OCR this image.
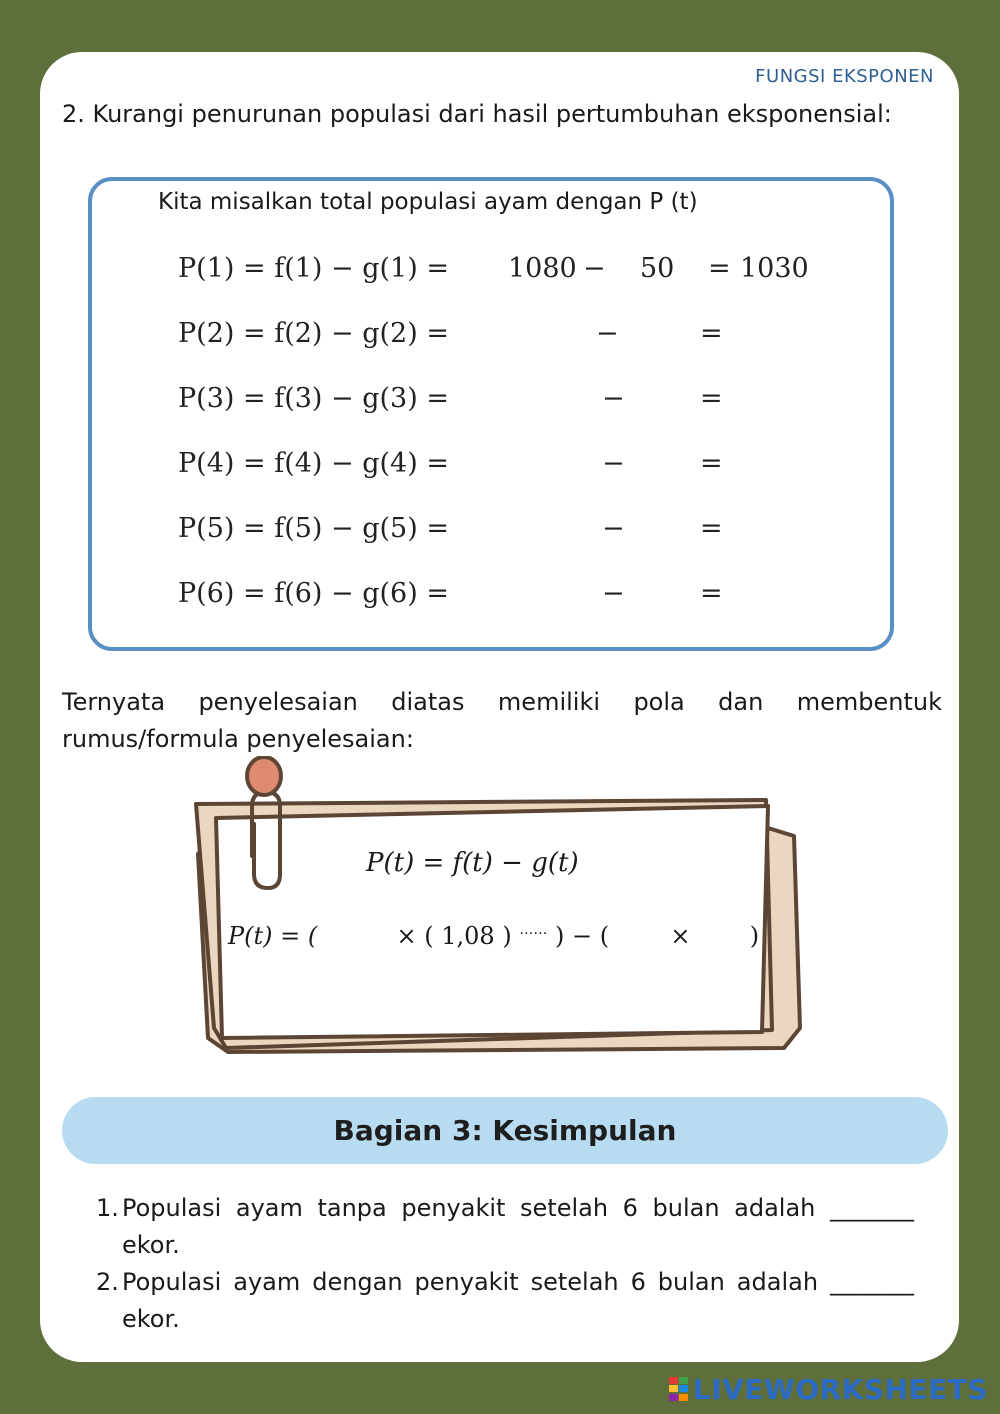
FUNGSI EKSPONEN
2. Kurangi penurunan populasi dari hasil pertumbuhan eksponensial:
Kita misalkan total populasi ayam dengan P (t)
P(1) = f(1) − g(1) = 1080 − 50 = 1030
P(2) = f(2) − g(2) =	−	=
P(3) = f(3) − g(3) =	−	=
P(4) = f(4) − g(4) =	−	=
P(5) = f(5) − g(5) =	−	=
P(6) = f(6) − g(6) =	−	=
Ternyata penyelesaian diatas memiliki pola dan membentuk rumus/formula penyelesaian:
P(t) = f(t) − g(t)
P(t) = (	× ( 1,08 ) …… ) − (	× )
Bagian 3: Kesimpulan
1. Populasi ayam tanpa penyakit setelah 6 bulan adalah _______ ekor.
2. Populasi ayam dengan penyakit setelah 6 bulan adalah _______ ekor.
LIVEWORKSHEETS
